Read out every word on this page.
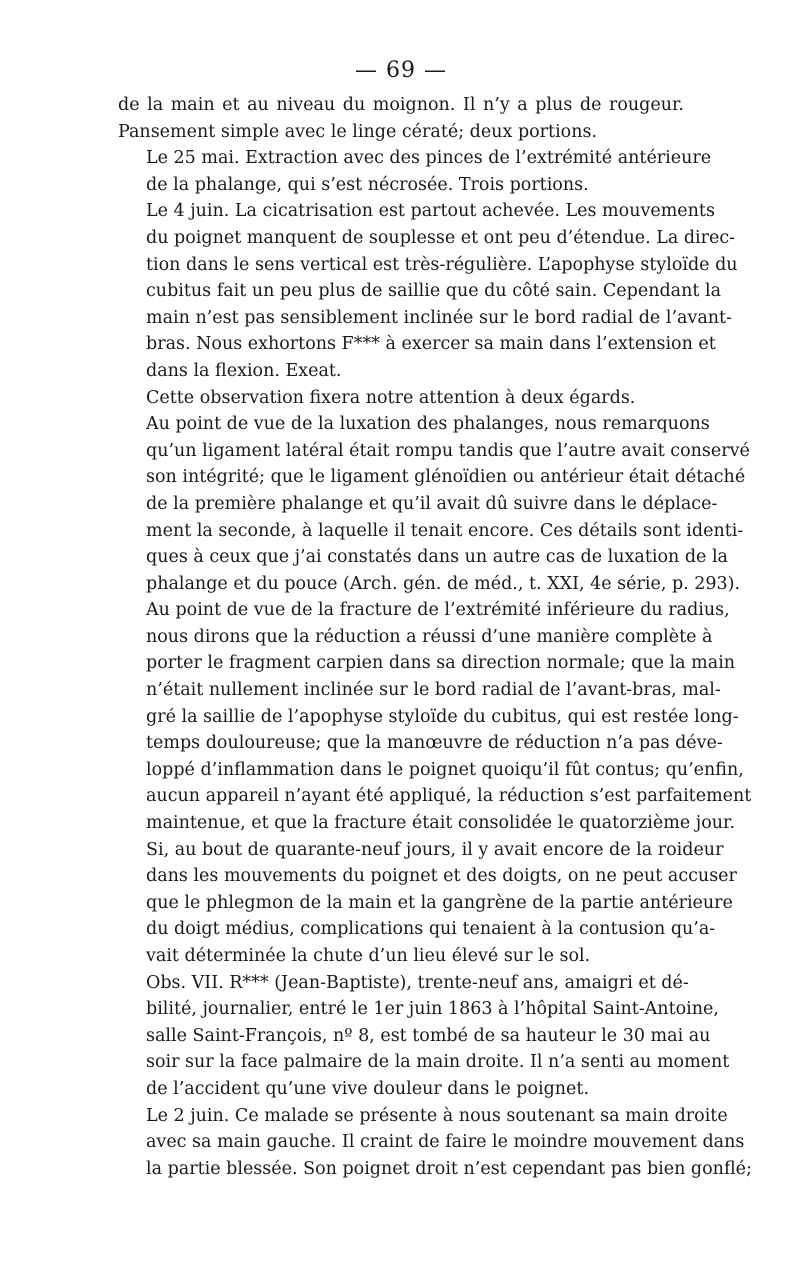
— 69 —
de la main et au niveau du moignon. Il n’y a plus de rougeur.
Pansement simple avec le linge cératé; deux portions.
Le 25 mai. Extraction avec des pinces de l’extrémité antérieure
de la phalange, qui s’est nécrosée. Trois portions.
Le 4 juin. La cicatrisation est partout achevée. Les mouvements
du poignet manquent de souplesse et ont peu d’étendue. La direc-
tion dans le sens vertical est très-régulière. L’apophyse styloïde du
cubitus fait un peu plus de saillie que du côté sain. Cependant la
main n’est pas sensiblement inclinée sur le bord radial de l’avant-
bras. Nous exhortons F*** à exercer sa main dans l’extension et
dans la flexion. Exeat.
Cette observation fixera notre attention à deux égards.
Au point de vue de la luxation des phalanges, nous remarquons
qu’un ligament latéral était rompu tandis que l’autre avait conservé
son intégrité; que le ligament glénoïdien ou antérieur était détaché
de la première phalange et qu’il avait dû suivre dans le déplace-
ment la seconde, à laquelle il tenait encore. Ces détails sont identi-
ques à ceux que j’ai constatés dans un autre cas de luxation de la
phalange et du pouce (Arch. gén. de méd., t. XXI, 4e série, p. 293).
Au point de vue de la fracture de l’extrémité inférieure du radius,
nous dirons que la réduction a réussi d’une manière complète à
porter le fragment carpien dans sa direction normale; que la main
n’était nullement inclinée sur le bord radial de l’avant-bras, mal-
gré la saillie de l’apophyse styloïde du cubitus, qui est restée long-
temps douloureuse; que la manœuvre de réduction n’a pas déve-
loppé d’inflammation dans le poignet quoiqu’il fût contus; qu’enfin,
aucun appareil n’ayant été appliqué, la réduction s’est parfaitement
maintenue, et que la fracture était consolidée le quatorzième jour.
Si, au bout de quarante-neuf jours, il y avait encore de la roideur
dans les mouvements du poignet et des doigts, on ne peut accuser
que le phlegmon de la main et la gangrène de la partie antérieure
du doigt médius, complications qui tenaient à la contusion qu’a-
vait déterminée la chute d’un lieu élevé sur le sol.
Obs. VII. R*** (Jean-Baptiste), trente-neuf ans, amaigri et dé-
bilité, journalier, entré le 1er juin 1863 à l’hôpital Saint-Antoine,
salle Saint-François, nº 8, est tombé de sa hauteur le 30 mai au
soir sur la face palmaire de la main droite. Il n’a senti au moment
de l’accident qu’une vive douleur dans le poignet.
Le 2 juin. Ce malade se présente à nous soutenant sa main droite
avec sa main gauche. Il craint de faire le moindre mouvement dans
la partie blessée. Son poignet droit n’est cependant pas bien gonflé;
